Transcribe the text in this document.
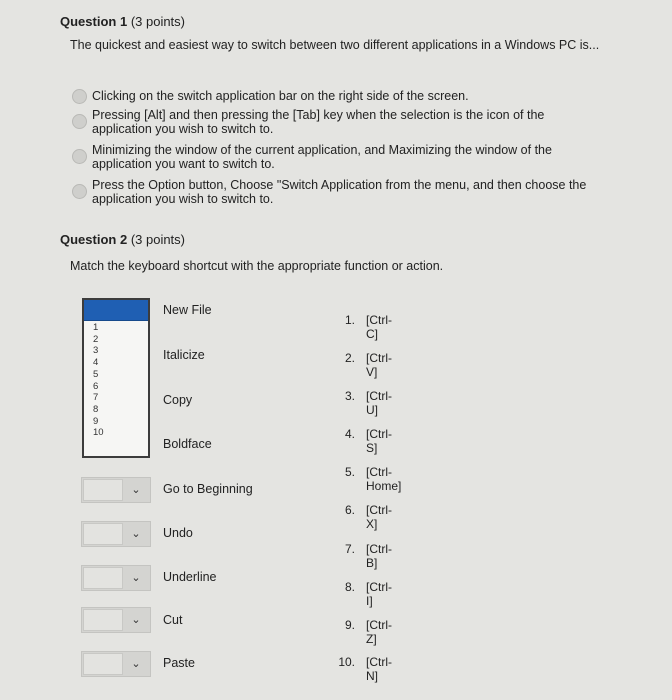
Question 1 (3 points)
The quickest and easiest way to switch between two different applications in a Windows PC is...
Clicking on the switch application bar on the right side of the screen.
Pressing [Alt] and then pressing the [Tab] key when the selection is the icon of the application you wish to switch to.
Minimizing the window of the current application, and Maximizing the window of the application you want to switch to.
Press the Option button, Choose "Switch Application from the menu, and then choose the application you wish to switch to.
Question 2 (3 points)
Match the keyboard shortcut with the appropriate function or action.
1
2
3
4
5
6
7
8
9
10
⌄
⌄
⌄
⌄
⌄
New File
Italicize
Copy
Boldface
Go to Beginning
Undo
Underline
Cut
Paste
1. [Ctrl-C]
2. [Ctrl-V]
3. [Ctrl-U]
4. [Ctrl-S]
5. [Ctrl-Home]
6. [Ctrl-X]
7. [Ctrl-B]
8. [Ctrl-I]
9. [Ctrl-Z]
10. [Ctrl-N]
